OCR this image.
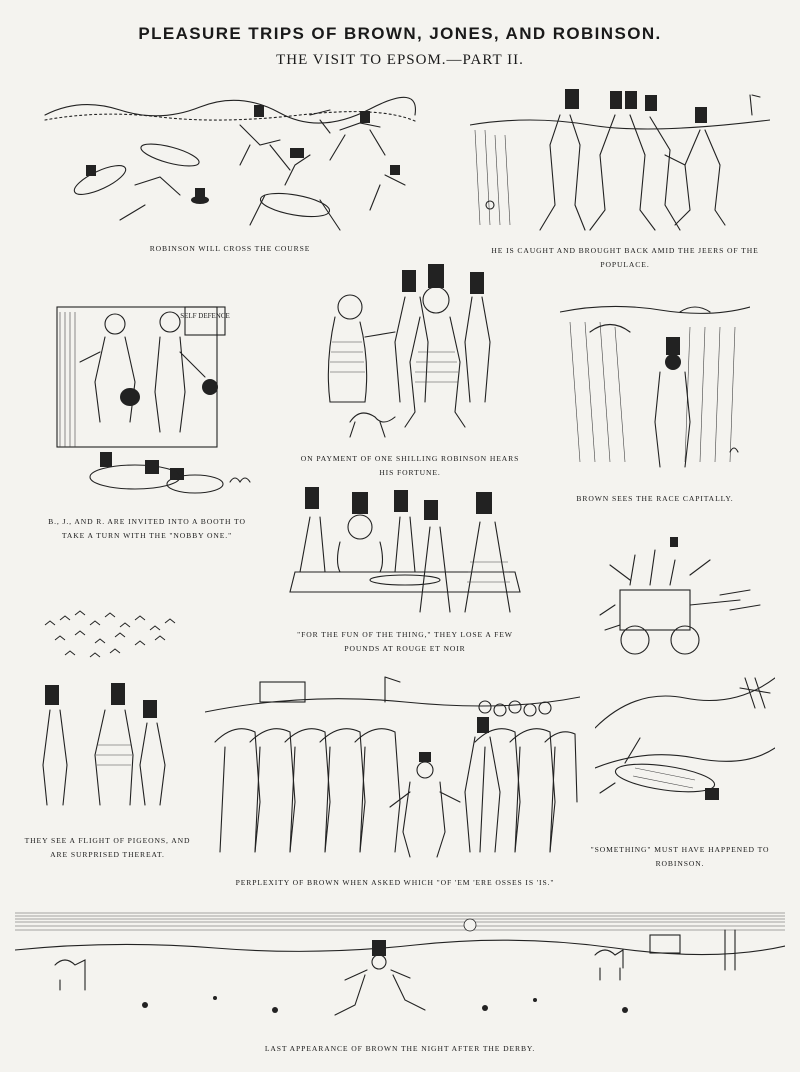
PLEASURE TRIPS OF BROWN, JONES, AND ROBINSON.
THE VISIT TO EPSOM.—PART II.
ROBINSON WILL CROSS THE COURSE	HE IS CAUGHT AND BROUGHT BACK AMID THE JEERS OF THE POPULACE.
SELF DEFENCE
B., J., AND R. ARE INVITED INTO A BOOTH TO TAKE A TURN WITH THE "NOBBY ONE."
ON PAYMENT OF ONE SHILLING ROBINSON HEARS HIS FORTUNE.
BROWN SEES THE RACE CAPITALLY.
"FOR THE FUN OF THE THING," THEY LOSE A FEW POUNDS AT ROUGE ET NOIR
THEY SEE A FLIGHT OF PIGEONS, AND ARE SURPRISED THEREAT.
PERPLEXITY OF BROWN WHEN ASKED WHICH "OF 'EM 'ERE OSSES IS 'IS."
"SOMETHING" MUST HAVE HAPPENED TO ROBINSON.
LAST APPEARANCE OF BROWN THE NIGHT AFTER THE DERBY.
